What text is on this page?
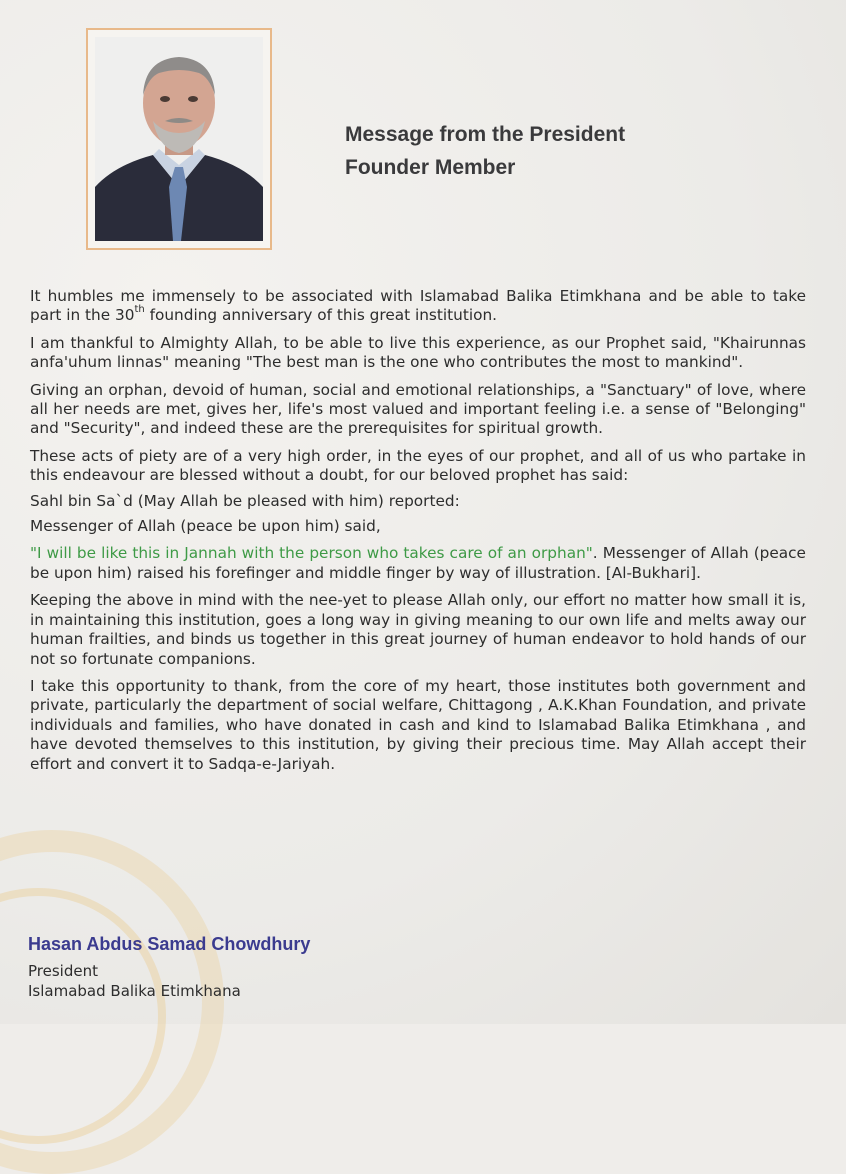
Message from the President
Founder Member

It humbles me immensely to be associated with Islamabad Balika Etimkhana and be able to take part in the 30th founding anniversary of this great institution.

I am thankful to Almighty Allah, to be able to live this experience, as our Prophet said, "Khairunnas anfa'uhum linnas" meaning "The best man is the one who contributes the most to mankind".

Giving an orphan, devoid of human, social and emotional relationships, a "Sanctuary" of love, where all her needs are met, gives her, life's most valued and important feeling i.e. a sense of "Belonging" and "Security", and indeed these are the prerequisites for spiritual growth.

These acts of piety are of a very high order, in the eyes of our prophet, and all of us who partake in this endeavour are blessed without a doubt, for our beloved prophet has said:

Sahl bin Sa`d (May Allah be pleased with him) reported:

Messenger of Allah (peace be upon him) said,

"I will be like this in Jannah with the person who takes care of an orphan". Messenger of Allah (peace be upon him) raised his forefinger and middle finger by way of illustration. [Al-Bukhari].

Keeping the above in mind with the nee-yet to please Allah only, our effort no matter how small it is, in maintaining this institution, goes a long way in giving meaning to our own life and melts away our human frailties, and binds us together in this great journey of human endeavor to hold hands of our not so fortunate companions.

I take this opportunity to thank, from the core of my heart, those institutes both government and private, particularly the department of social welfare, Chittagong , A.K.Khan Foundation, and private individuals and families, who have donated in cash and kind to Islamabad Balika Etimkhana , and have devoted themselves to this institution, by giving their precious time. May Allah accept their effort and convert it to Sadqa-e-Jariyah.

Hasan Abdus Samad Chowdhury
President
Islamabad Balika Etimkhana
